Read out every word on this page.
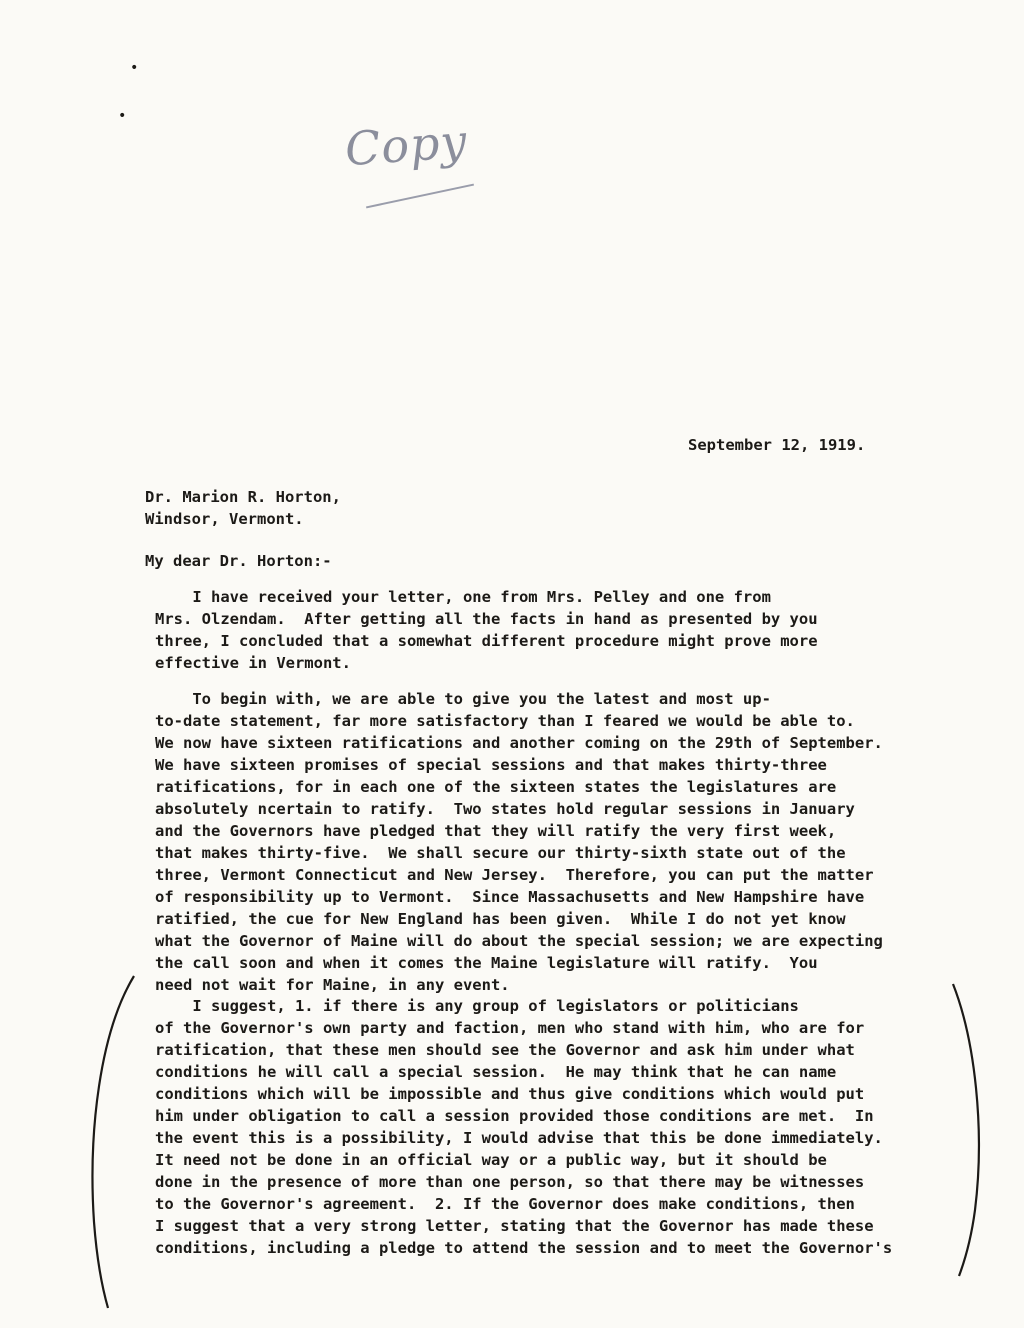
•
•	Copy
September 12, 1919.
Dr. Marion R. Horton,
Windsor, Vermont.
My dear Dr. Horton:-
I have received your letter, one from Mrs. Pelley and one from
Mrs. Olzendam.  After getting all the facts in hand as presented by you
three, I concluded that a somewhat different procedure might prove more
effective in Vermont.
To begin with, we are able to give you the latest and most up-
to-date statement, far more satisfactory than I feared we would be able to.
We now have sixteen ratifications and another coming on the 29th of September.
We have sixteen promises of special sessions and that makes thirty-three
ratifications, for in each one of the sixteen states the legislatures are
absolutely ncertain to ratify.  Two states hold regular sessions in January
and the Governors have pledged that they will ratify the very first week,
that makes thirty-five.  We shall secure our thirty-sixth state out of the
three, Vermont Connecticut and New Jersey.  Therefore, you can put the matter
of responsibility up to Vermont.  Since Massachusetts and New Hampshire have
ratified, the cue for New England has been given.  While I do not yet know
what the Governor of Maine will do about the special session; we are expecting
the call soon and when it comes the Maine legislature will ratify.  You
need not wait for Maine, in any event.
I suggest, 1. if there is any group of legislators or politicians
of the Governor's own party and faction, men who stand with him, who are for
ratification, that these men should see the Governor and ask him under what
conditions he will call a special session.  He may think that he can name
conditions which will be impossible and thus give conditions which would put
him under obligation to call a session provided those conditions are met.  In
the event this is a possibility, I would advise that this be done immediately.
It need not be done in an official way or a public way, but it should be
done in the presence of more than one person, so that there may be witnesses
to the Governor's agreement.  2. If the Governor does make conditions, then
I suggest that a very strong letter, stating that the Governor has made these
conditions, including a pledge to attend the session and to meet the Governor's
